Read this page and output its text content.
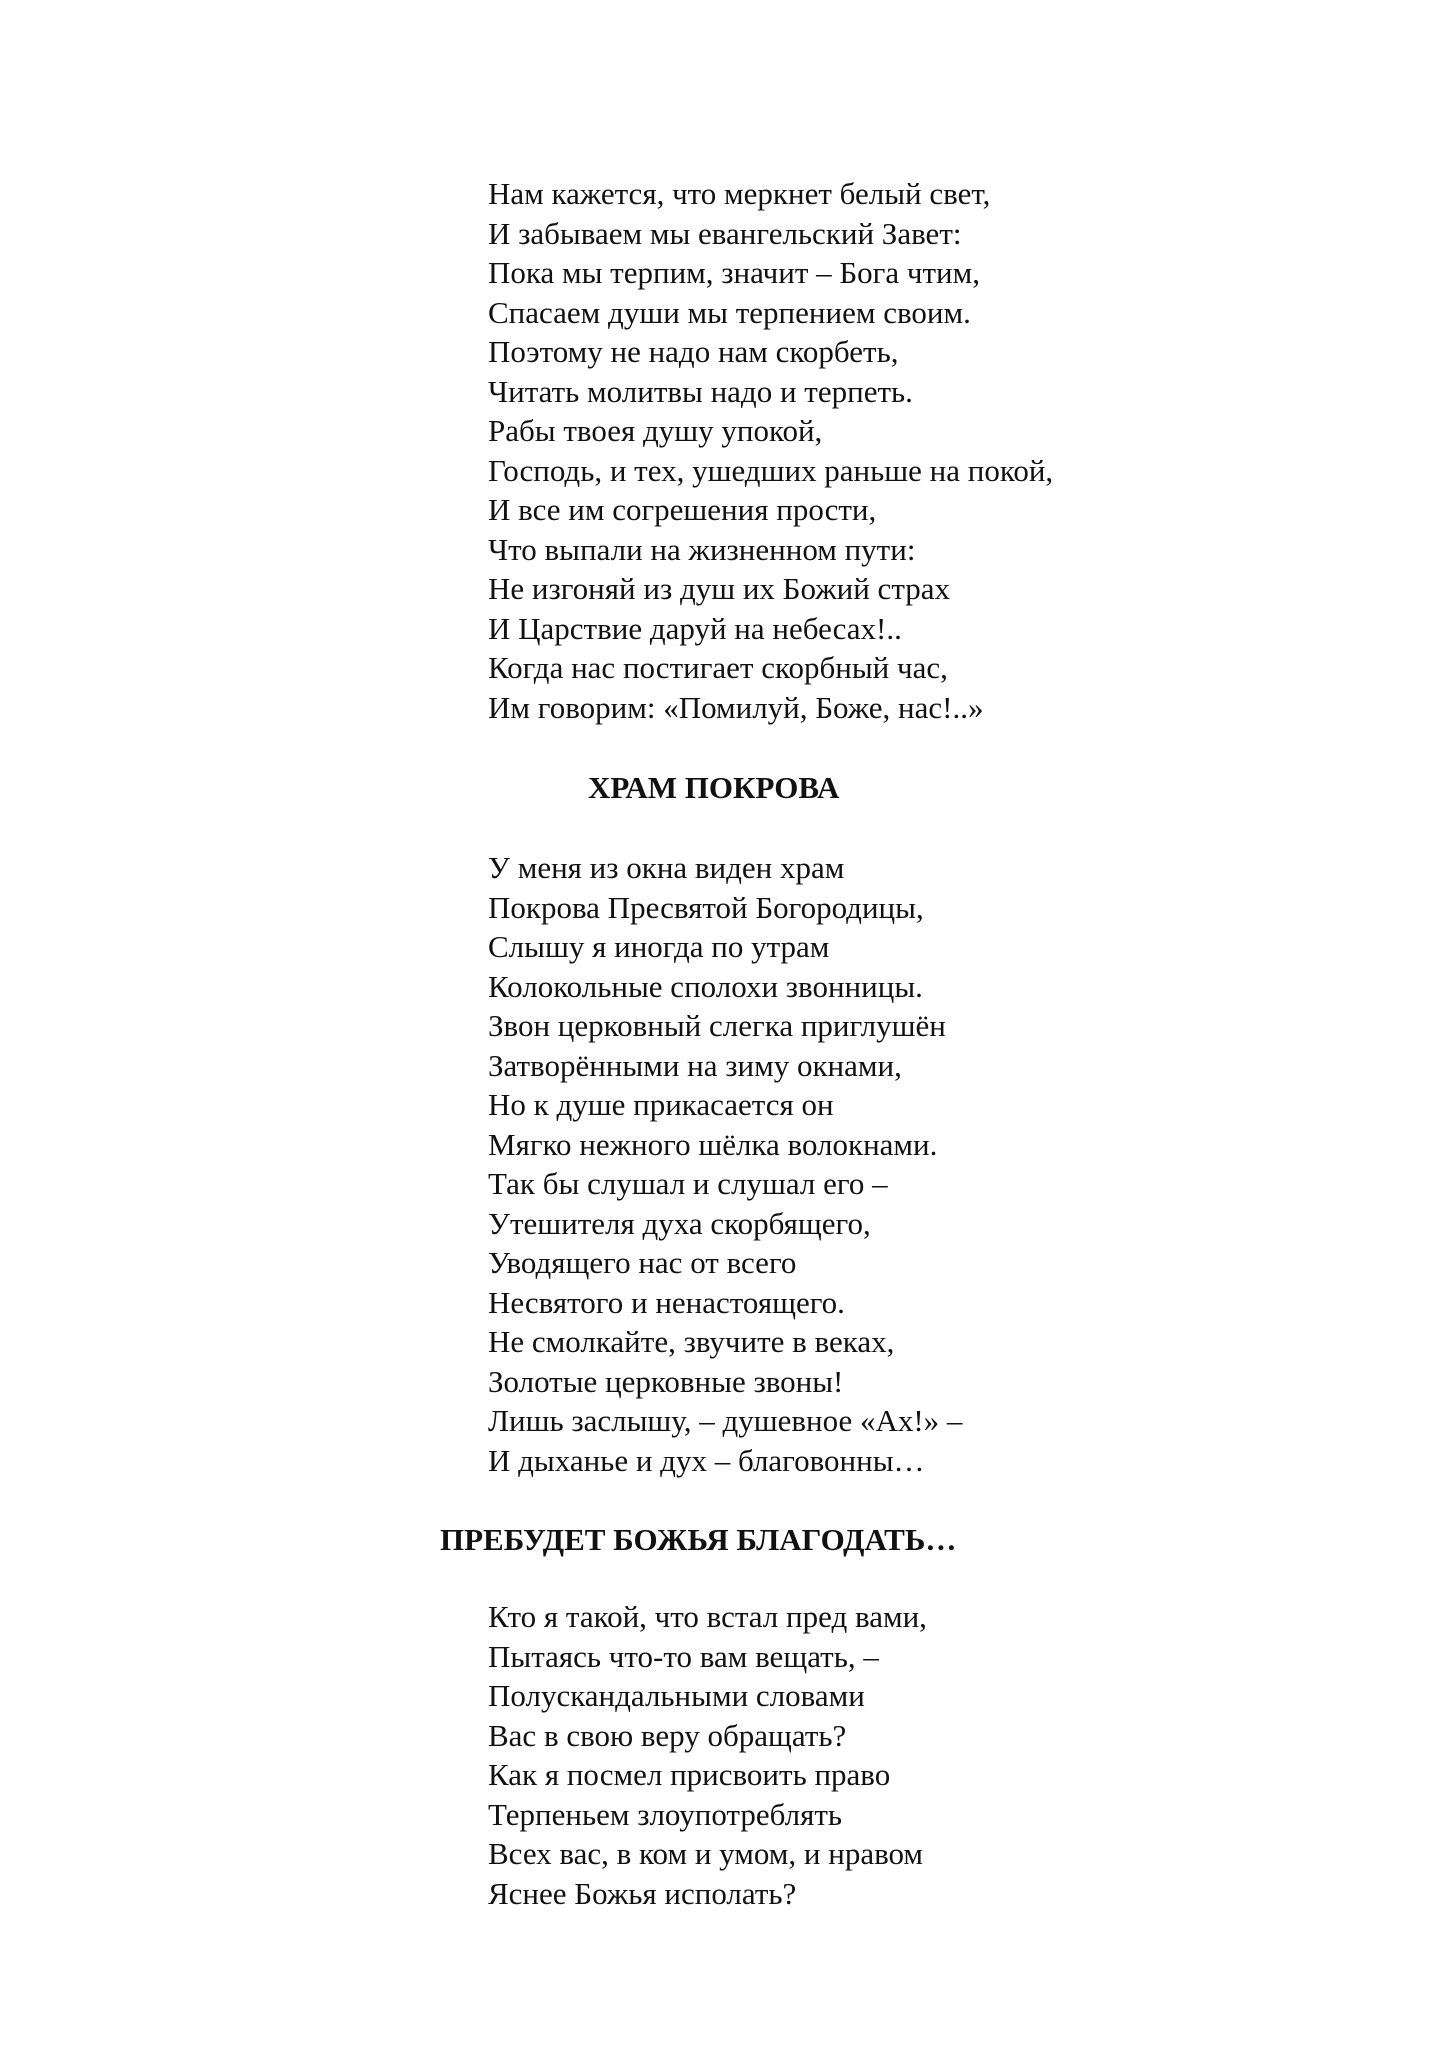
Нам кажется, что меркнет белый свет,
И забываем мы евангельский Завет:
Пока мы терпим, значит – Бога чтим,
Спасаем души мы терпением своим.
Поэтому не надо нам скорбеть,
Читать молитвы надо и терпеть.
Рабы твоея душу упокой,
Господь, и тех, ушедших раньше на покой,
И все им согрешения прости,
Что выпали на жизненном пути:
Не изгоняй из душ их Божий страх
И Царствие даруй на небесах!..
Когда нас постигает скорбный час,
Им говорим: «Помилуй, Боже, нас!..»
ХРАМ ПОКРОВА
У меня из окна виден храм
Покрова Пресвятой Богородицы,
Слышу я иногда по утрам
Колокольные сполохи звонницы.
Звон церковный слегка приглушён
Затворёнными на зиму окнами,
Но к душе прикасается он
Мягко нежного шёлка волокнами.
Так бы слушал и слушал его –
Утешителя духа скорбящего,
Уводящего нас от всего
Несвятого и ненастоящего.
Не смолкайте, звучите в веках,
Золотые церковные звоны!
Лишь заслышу, – душевное «Ах!» –
И дыханье и дух – благовонны…
ПРЕБУДЕТ БОЖЬЯ БЛАГОДАТЬ…
Кто я такой, что встал пред вами,
Пытаясь что-то вам вещать, –
Полускандальными словами
Вас в свою веру обращать?
Как я посмел присвоить право
Терпеньем злоупотреблять
Всех вас, в ком и умом, и нравом
Яснее Божья исполать?
